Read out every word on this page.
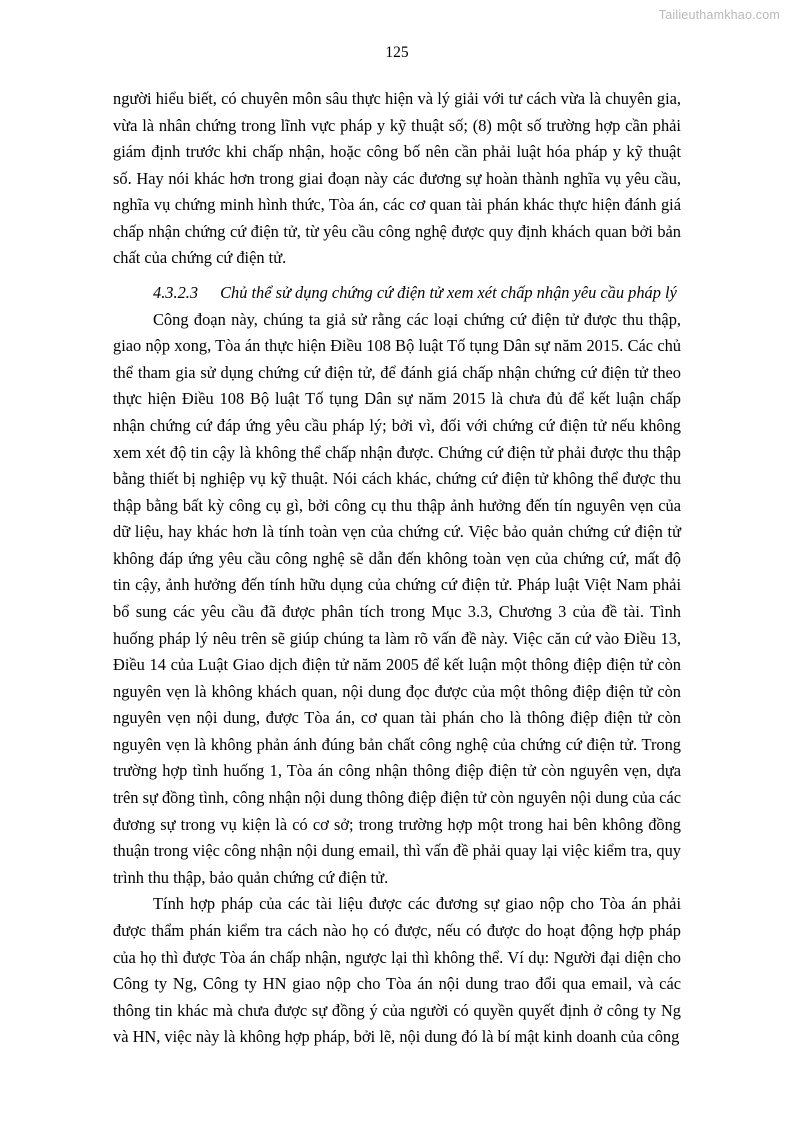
Tailieuthamkhao.com
125

người hiểu biết, có chuyên môn sâu thực hiện và lý giải với tư cách vừa là chuyên gia, vừa là nhân chứng trong lĩnh vực pháp y kỹ thuật số; (8) một số trường hợp cần phải giám định trước khi chấp nhận, hoặc công bố nên cần phải luật hóa pháp y kỹ thuật số. Hay nói khác hơn trong giai đoạn này các đương sự hoàn thành nghĩa vụ yêu cầu, nghĩa vụ chứng minh hình thức, Tòa án, các cơ quan tài phán khác thực hiện đánh giá chấp nhận chứng cứ điện tử, từ yêu cầu công nghệ được quy định khách quan bởi bản chất của chứng cứ điện tử.

4.3.2.3 Chủ thể sử dụng chứng cứ điện tử xem xét chấp nhận yêu cầu pháp lý

Công đoạn này, chúng ta giả sử rằng các loại chứng cứ điện tử được thu thập, giao nộp xong, Tòa án thực hiện Điều 108 Bộ luật Tố tụng Dân sự năm 2015. Các chủ thể tham gia sử dụng chứng cứ điện tử, để đánh giá chấp nhận chứng cứ điện tử theo thực hiện Điều 108 Bộ luật Tố tụng Dân sự năm 2015 là chưa đủ để kết luận chấp nhận chứng cứ đáp ứng yêu cầu pháp lý; bởi vì, đối với chứng cứ điện tử nếu không xem xét độ tin cậy là không thể chấp nhận được. Chứng cứ điện tử phải được thu thập bằng thiết bị nghiệp vụ kỹ thuật. Nói cách khác, chứng cứ điện tử không thể được thu thập bằng bất kỳ công cụ gì, bởi công cụ thu thập ảnh hưởng đến tín nguyên vẹn của dữ liệu, hay khác hơn là tính toàn vẹn của chứng cứ. Việc bảo quản chứng cứ điện tử không đáp ứng yêu cầu công nghệ sẽ dẫn đến không toàn vẹn của chứng cứ, mất độ tin cậy, ảnh hưởng đến tính hữu dụng của chứng cứ điện tử. Pháp luật Việt Nam phải bổ sung các yêu cầu đã được phân tích trong Mục 3.3, Chương 3 của đề tài. Tình huống pháp lý nêu trên sẽ giúp chúng ta làm rõ vấn đề này. Việc căn cứ vào Điều 13, Điều 14 của Luật Giao dịch điện tử năm 2005 để kết luận một thông điệp điện tử còn nguyên vẹn là không khách quan, nội dung đọc được của một thông điệp điện tử còn nguyên vẹn nội dung, được Tòa án, cơ quan tài phán cho là thông điệp điện tử còn nguyên vẹn là không phản ánh đúng bản chất công nghệ của chứng cứ điện tử. Trong trường hợp tình huống 1, Tòa án công nhận thông điệp điện tử còn nguyên vẹn, dựa trên sự đồng tình, công nhận nội dung thông điệp điện tử còn nguyên nội dung của các đương sự trong vụ kiện là có cơ sở; trong trường hợp một trong hai bên không đồng thuận trong việc công nhận nội dung email, thì vấn đề phải quay lại việc kiểm tra, quy trình thu thập, bảo quản chứng cứ điện tử.

Tính hợp pháp của các tài liệu được các đương sự giao nộp cho Tòa án phải được thẩm phán kiểm tra cách nào họ có được, nếu có được do hoạt động hợp pháp của họ thì được Tòa án chấp nhận, ngược lại thì không thể. Ví dụ: Người đại diện cho Công ty Ng, Công ty HN giao nộp cho Tòa án nội dung trao đổi qua email, và các thông tin khác mà chưa được sự đồng ý của người có quyền quyết định ở công ty Ng và HN, việc này là không hợp pháp, bởi lẽ, nội dung đó là bí mật kinh doanh của công
